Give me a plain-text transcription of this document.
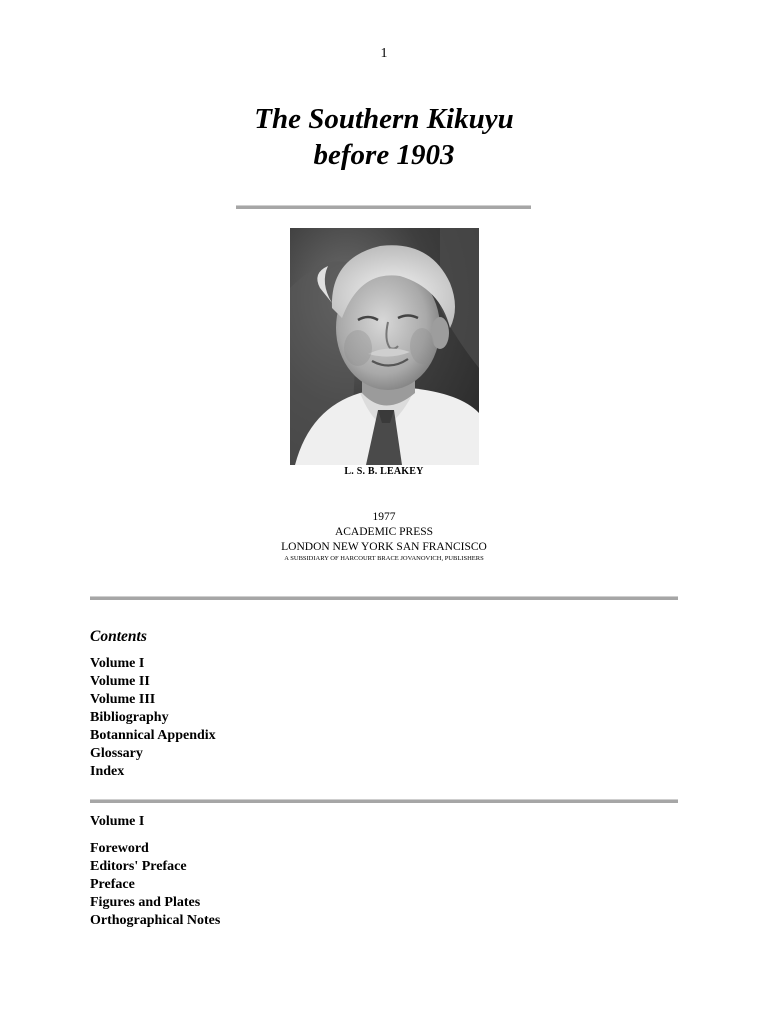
1
The Southern Kikuyu
before 1903
L. S. B. LEAKEY
1977
ACADEMIC PRESS
LONDON NEW YORK SAN FRANCISCO
A SUBSIDIARY OF HARCOURT BRACE JOVANOVICH, PUBLISHERS
Contents
Volume I
Volume II
Volume III
Bibliography
Botannical Appendix
Glossary
Index
Volume I
Foreword
Editors' Preface
Preface
Figures and Plates
Orthographical Notes
